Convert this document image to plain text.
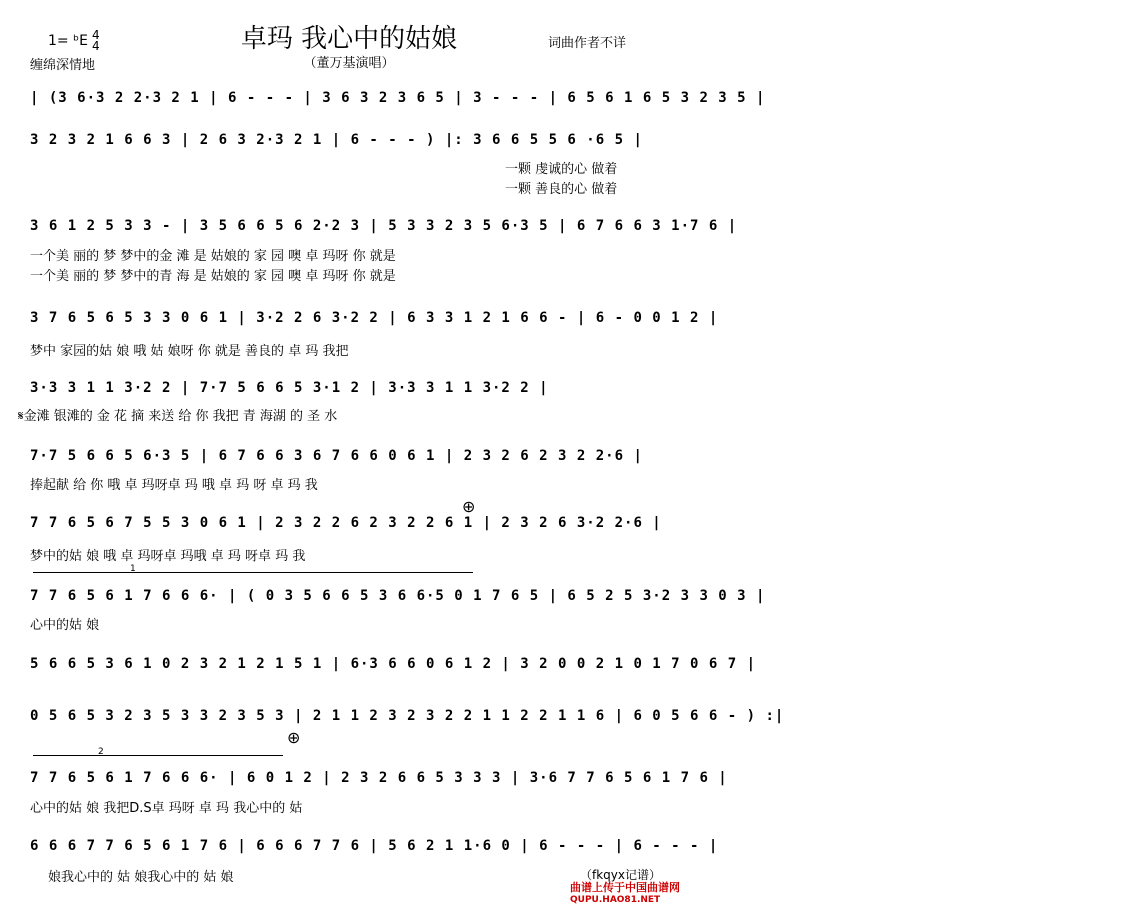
卓玛 我心中的姑娘
1= ᵇE 4
4
缠绵深情地	（董万基演唱）
词曲作者不详
| (3 6·3 2 2·3 2 1 | 6 - - - | 3 6 3 2 3 6 5 | 3 - - - | 6 5 6 1 6 5 3 2 3 5 |
3 2 3 2 1 6 6 3 | 2 6 3 2·3 2 1 | 6 - - - ) |: 3 6 6 5 5 6 ·6 5 |
一颗 虔诚的心 做着
一颗 善良的心 做着
3 6 1 2 5 3 3 - | 3 5 6 6 5 6 2·2 3 | 5 3 3 2 3 5 6·3 5 | 6 7 6 6 3 1·7 6 |
一个美 丽的 梦 梦中的金 滩 是 姑娘的 家 园 噢 卓 玛呀 你 就是
一个美 丽的 梦 梦中的青 海 是 姑娘的 家 园 噢 卓 玛呀 你 就是
3 7 6 5 6 5 3 3 0 6 1 | 3·2 2 6 3·2 2 | 6 3 3 1 2 1 6 6 - | 6 - 0 0 1 2 |
梦中 家园的姑 娘 哦 姑 娘呀 你 就是 善良的 卓 玛 我把
3·3 3 1 1 3·2 2 | 7·7 5 6 6 5 3·1 2 | 3·3 3 1 1 3·2 2 |
𝄋金滩 银滩的 金 花 摘 来送 给 你 我把 青 海湖 的 圣 水
7·7 5 6 6 5 6·3 5 | 6 7 6 6 3 6 7 6 6 0 6 1 | 2 3 2 6 2 3 2 2·6 |
捧起献 给 你 哦 卓 玛呀卓 玛 哦 卓 玛 呀 卓 玛 我
⊕
7 7 6 5 6 7 5 5 3 0 6 1 | 2 3 2 2 6 2 3 2 2 6 1 | 2 3 2 6 3·2 2·6 |
梦中的姑 娘 哦 卓 玛呀卓 玛哦 卓 玛 呀卓 玛 我
1
7 7 6 5 6 1 7 6 6 6· | ( 0 3 5 6 6 5 3 6 6·5 0 1 7 6 5 | 6 5 2 5 3·2 3 3 0 3 |
心中的姑 娘
5 6 6 5 3 6 1 0 2 3 2 1 2 1 5 1 | 6·3 6 6 0 6 1 2 | 3 2 0 0 2 1 0 1 7 0 6 7 |
0 5 6 5 3 2 3 5 3 3 2 3 5 3 | 2 1 1 2 3 2 3 2 2 1 1 2 2 1 1 6 | 6 0 5 6 6 - ) :|
⊕
2
7 7 6 5 6 1 7 6 6 6· | 6 0 1 2 | 2 3 2 6 6 5 3 3 3 | 3·6 7 7 6 5 6 1 7 6 |
心中的姑 娘 我把D.S卓 玛呀 卓 玛 我心中的 姑
6 6 6 7 7 6 5 6 1 7 6 | 6 6 6 7 7 6 | 5 6 2 1 1·6 0 | 6 - - - | 6 - - - |
娘我心中的 姑 娘我心中的 姑 娘	（fkqyx记谱）
曲谱上传于中国曲谱网
QUPU.HAO81.NET
